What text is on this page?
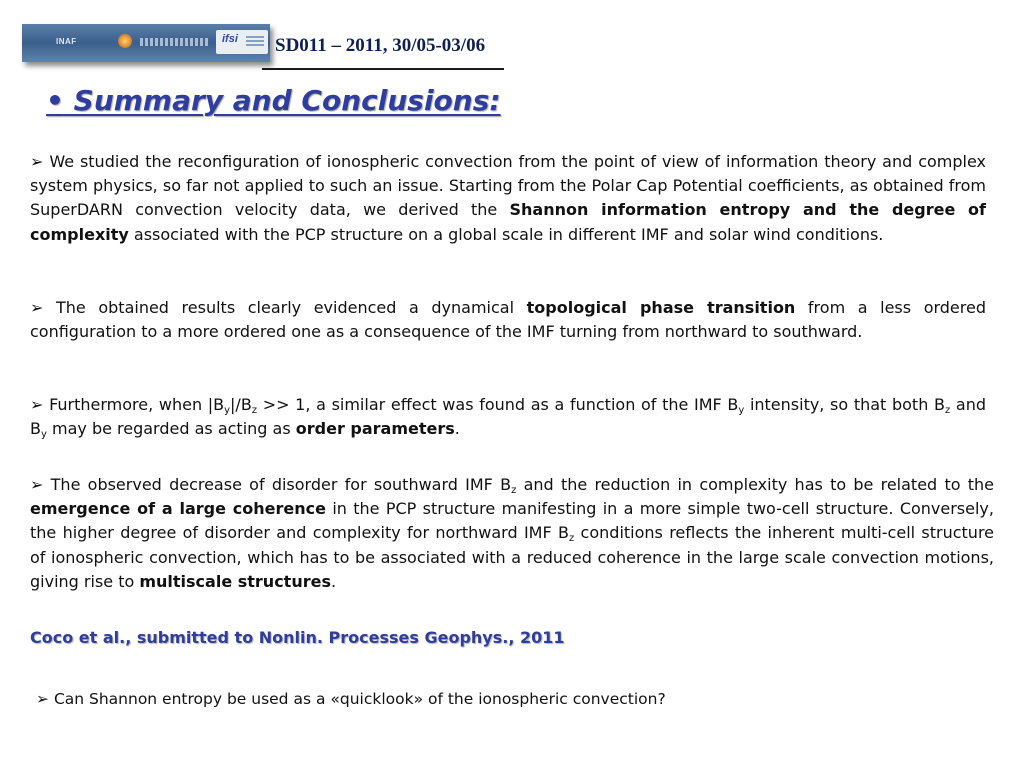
INAF	ifsi SD011 – 2011, 30/05-03/06
• Summary and Conclusions:

➢ We studied the reconfiguration of ionospheric convection from the point of view of information theory and complex system physics, so far not applied to such an issue. Starting from the Polar Cap Potential coefficients, as obtained from SuperDARN convection velocity data, we derived the Shannon information entropy and the degree of complexity associated with the PCP structure on a global scale in different IMF and solar wind conditions.

➢ The obtained results clearly evidenced a dynamical topological phase transition from a less ordered configuration to a more ordered one as a consequence of the IMF turning from northward to southward.

➢ Furthermore, when $|B_y|/B_z >> 1$, a similar effect was found as a function of the IMF $B_y$ intensity, so that both $B_z$ and $B_y$ may be regarded as acting as order parameters.

➢ The observed decrease of disorder for southward IMF $B_z$ and the reduction in complexity has to be related to the emergence of a large coherence in the PCP structure manifesting in a more simple two-cell structure. Conversely, the higher degree of disorder and complexity for northward IMF $B_z$ conditions reflects the inherent multi-cell structure of ionospheric convection, which has to be associated with a reduced coherence in the large scale convection motions, giving rise to multiscale structures.

Coco et al., submitted to Nonlin. Processes Geophys., 2011
➢ Can Shannon entropy be used as a «quicklook» of the ionospheric convection?
